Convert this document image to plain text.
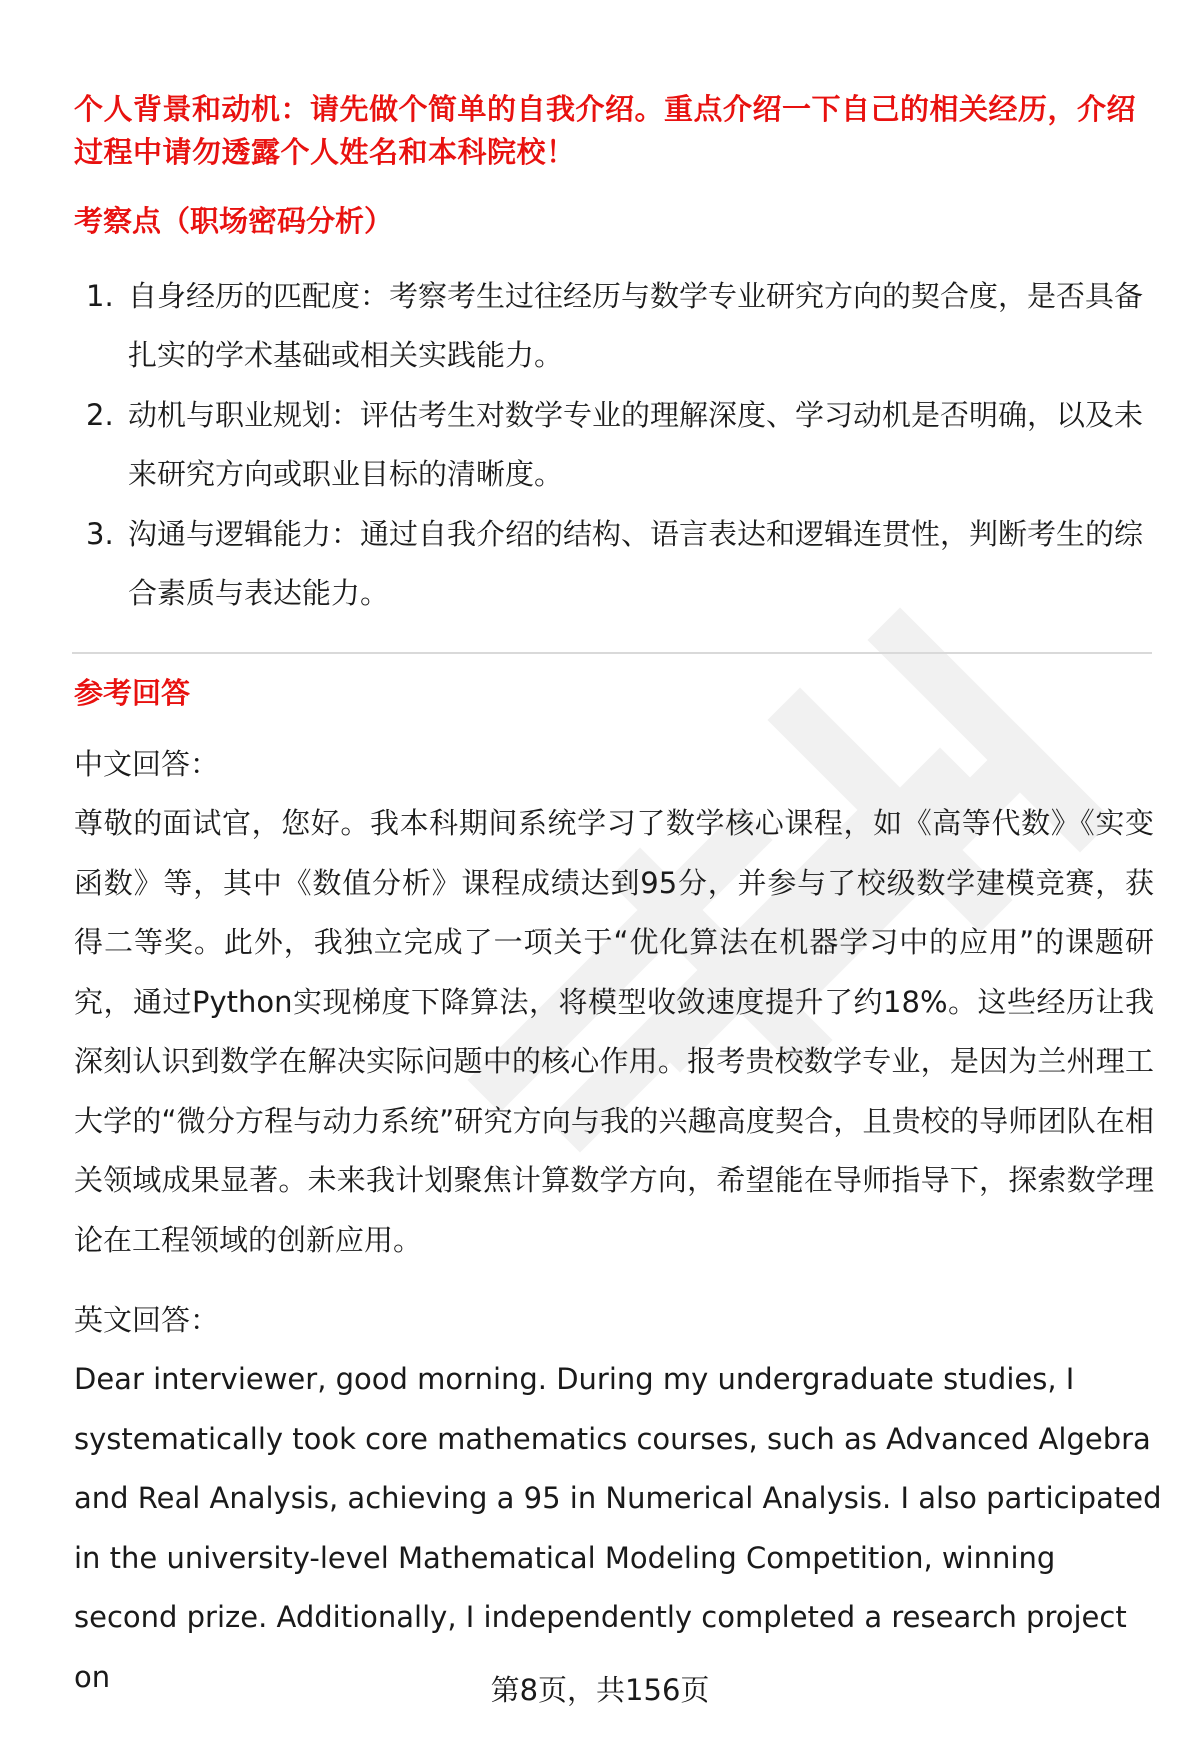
个人背景和动机：请先做个简单的自我介绍。重点介绍一下自己的相关经历，介绍过程中请勿透露个人姓名和本科院校！

考察点（职场密码分析）
1. 自身经历的匹配度：考察考生过往经历与数学专业研究方向的契合度，是否具备扎实的学术基础或相关实践能力。
2. 动机与职业规划：评估考生对数学专业的理解深度、学习动机是否明确，以及未来研究方向或职业目标的清晰度。
3. 沟通与逻辑能力：通过自我介绍的结构、语言表达和逻辑连贯性，判断考生的综合素质与表达能力。
参考回答

中文回答：

尊敬的面试官，您好。我本科期间系统学习了数学核心课程，如《高等代数》《实变函数》等，其中《数值分析》课程成绩达到95分，并参与了校级数学建模竞赛，获得二等奖。此外，我独立完成了一项关于“优化算法在机器学习中的应用”的课题研究，通过Python实现梯度下降算法，将模型收敛速度提升了约18%。这些经历让我深刻认识到数学在解决实际问题中的核心作用。报考贵校数学专业，是因为兰州理工大学的“微分方程与动力系统”研究方向与我的兴趣高度契合，且贵校的导师团队在相关领域成果显著。未来我计划聚焦计算数学方向，希望能在导师指导下，探索数学理论在工程领域的创新应用。

英文回答：

Dear interviewer, good morning. During my undergraduate studies, I systematically took core mathematics courses, such as Advanced Algebra and Real Analysis, achieving a 95 in Numerical Analysis. I also participated in the university-level Mathematical Modeling Competition, winning second prize. Additionally, I independently completed a research project on	第8页，共156页
